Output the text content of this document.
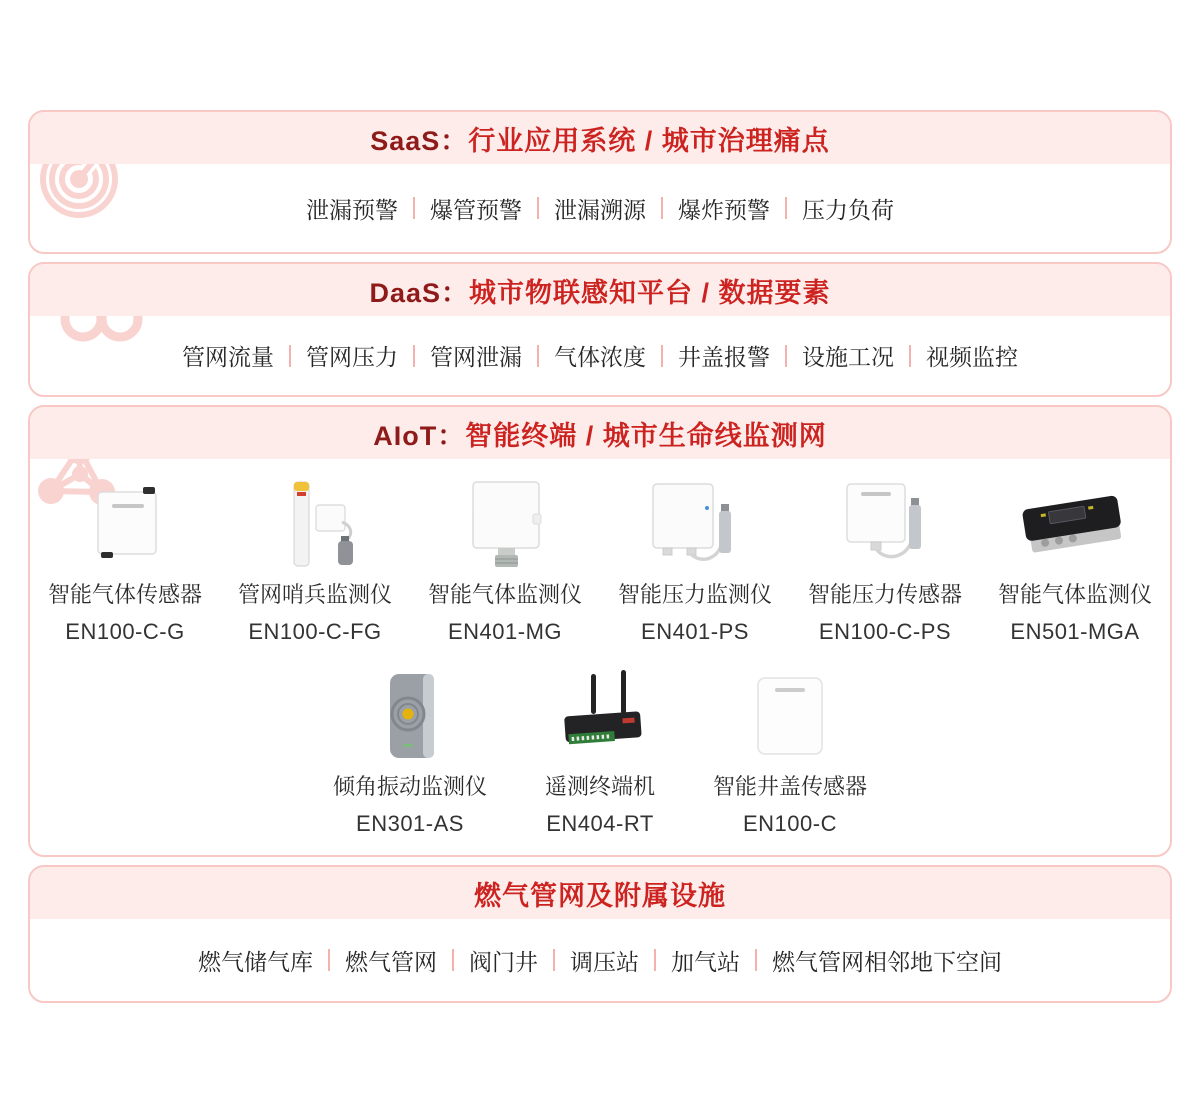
SaaS： 行业应用系统 / 城市治理痛点
泄漏预警 爆管预警 泄漏溯源 爆炸预警 压力负荷
DaaS： 城市物联感知平台 / 数据要素
管网流量 管网压力 管网泄漏 气体浓度 井盖报警 设施工况 视频监控
AIoT： 智能终端 / 城市生命线监测网
智能气体传感器
EN100-C-G
管网哨兵监测仪
EN100-C-FG
智能气体监测仪
EN401-MG
智能压力监测仪
EN401-PS
智能压力传感器
EN100-C-PS
智能气体监测仪
EN501-MGA
倾角振动监测仪
EN301-AS
遥测终端机
EN404-RT
智能井盖传感器
EN100-C
燃气管网及附属设施
燃气储气库 燃气管网 阀门井 调压站 加气站 燃气管网相邻地下空间
